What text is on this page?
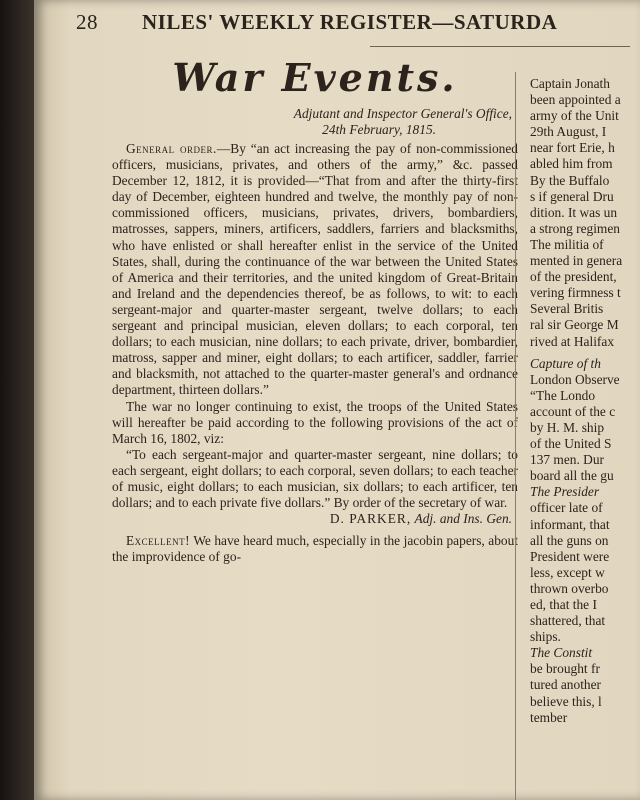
28 NILES' WEEKLY REGISTER—SATURDA
War Events.
Adjutant and Inspector General's Office,
24th February, 1815.

General order.—By “an act increasing the pay of non-commissioned officers, musicians, privates, and others of the army,” &c. passed December 12, 1812, it is provided—“That from and after the thirty-first day of December, eighteen hundred and twelve, the monthly pay of non-commissioned officers, musicians, privates, drivers, bombardiers, matrosses, sappers, miners, artificers, saddlers, farriers and blacksmiths, who have enlisted or shall hereafter enlist in the service of the United States, shall, during the continuance of the war between the United States of America and their territories, and the united kingdom of Great-Britain and Ireland and the dependencies thereof, be as follows, to wit: to each sergeant-major and quarter-master sergeant, twelve dollars; to each sergeant and principal musician, eleven dollars; to each corporal, ten dollars; to each musician, nine dollars; to each private, driver, bombardier, matross, sapper and miner, eight dollars; to each artificer, saddler, farrier and blacksmith, not attached to the quarter-master general's and ordnance department, thirteen dollars.”

The war no longer continuing to exist, the troops of the United States will hereafter be paid according to the following provisions of the act of March 16, 1802, viz:

“To each sergeant-major and quarter-master sergeant, nine dollars; to each sergeant, eight dollars; to each corporal, seven dollars; to each teacher of music, eight dollars; to each musician, six dollars; to each artificer, ten dollars; and to each private five dollars.” By order of the secretary of war.

D. PARKER, Adj. and Ins. Gen.

Excellent! We have heard much, especially in the jacobin papers, about the improvidence of go-

Captain Jonath
been appointed a
army of the Unit
29th August, I
near fort Erie, h
abled him from
By the Buffalo
s if general Dru
dition. It was un
a strong regimen
The militia of
mented in genera
of the president,
vering firmness t
Several Britis
ral sir George M
rived at Halifax
Capture of th
London Observe
“The Londo
account of the c
by H. M. ship
of the United S
137 men. Dur
board all the gu
The Presider
officer late of
informant, that
all the guns on
President were
less, except w
thrown overbo
ed, that the I
shattered, that
ships.
The Constit
be brought fr
tured another
believe this, l
tember
